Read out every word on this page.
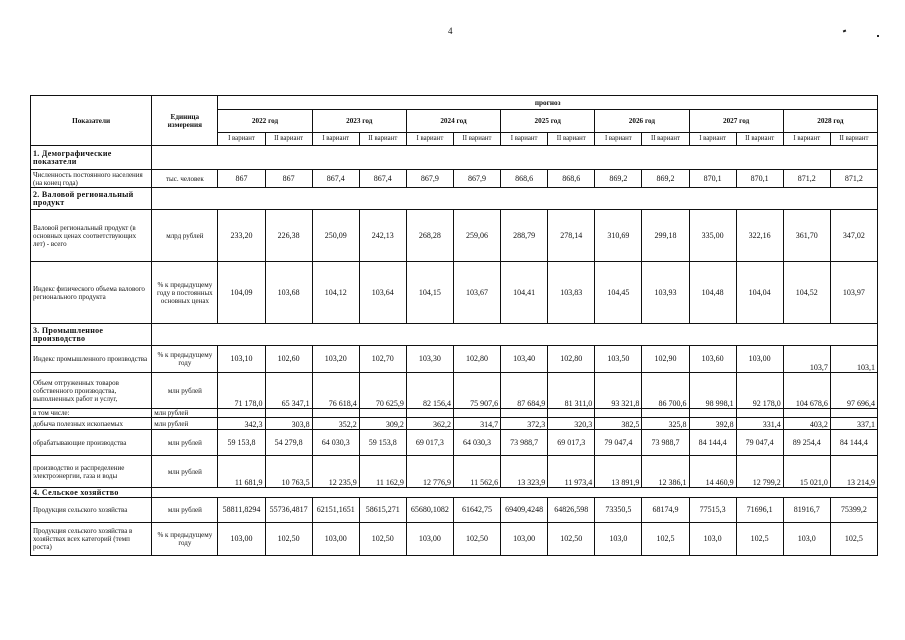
4
Показатели	Единица измерения	прогноз													
		2022 год		2023 год		2024 год		2025 год		2026 год		2027 год		2028 год	
		I вариант	II вариант	I вариант	II вариант	I вариант	II вариант	I вариант	II вариант	I вариант	II вариант	I вариант	II вариант	I вариант	II вариант
1. Демографические показатели															
Численность постоянного населения (на конец года)	тыс. человек	867	867	867,4	867,4	867,9	867,9	868,6	868,6	869,2	869,2	870,1	870,1	871,2	871,2
2. Валовой региональный продукт															
Валовой региональный продукт (в основных ценах соответствующих лет) - всего	млрд рублей	233,20	226,38	250,09	242,13	268,28	259,06	288,79	278,14	310,69	299,18	335,00	322,16	361,70	347,02
Индекс физического объема валового регионального продукта	% к предыдущему году в постоянных основных ценах	104,09	103,68	104,12	103,64	104,15	103,67	104,41	103,83	104,45	103,93	104,48	104,04	104,52	103,97
3. Промышленное производство															
Индекс промышленного производства	% к предыдущему году	103,10	102,60	103,20	102,70	103,30	102,80	103,40	102,80	103,50	102,90	103,60	103,00	103,7	103,1
Объем отгруженных товаров собственного производства, выполненных работ и услуг,	млн рублей	71 178,0	65 347,1	76 618,4	70 625,9	82 156,4	75 907,6	87 684,9	81 311,0	93 321,8	86 700,6	98 998,1	92 178,0	104 678,6	97 696,4
в том числе:	млн рублей														
добыча полезных ископаемых	млн рублей	342,3	303,8	352,2	309,2	362,2	314,7	372,3	320,3	382,5	325,8	392,8	331,4	403,2	337,1
обрабатывающие производства	млн рублей	59 153,8	54 279,8	64 030,3	59 153,8	69 017,3	64 030,3	73 988,7	69 017,3	79 047,4	73 988,7	84 144,4	79 047,4	89 254,4	84 144,4
производство и распределение электроэнергии, газа и воды	млн рублей	11 681,9	10 763,5	12 235,9	11 162,9	12 776,9	11 562,6	13 323,9	11 973,4	13 891,9	12 386,1	14 460,9	12 799,2	15 021,0	13 214,9
4. Сельское хозяйство															
Продукция сельского хозяйства	млн рублей	58811,8294	55736,4817	62151,1651	58615,271	65680,1082	61642,75	69409,4248	64826,598	73350,5	68174,9	77515,3	71696,1	81916,7	75399,2
Продукция сельского хозяйства в хозяйствах всех категорий (темп роста)	% к предыдущему году	103,00	102,50	103,00	102,50	103,00	102,50	103,00	102,50	103,0	102,5	103,0	102,5	103,0	102,5
